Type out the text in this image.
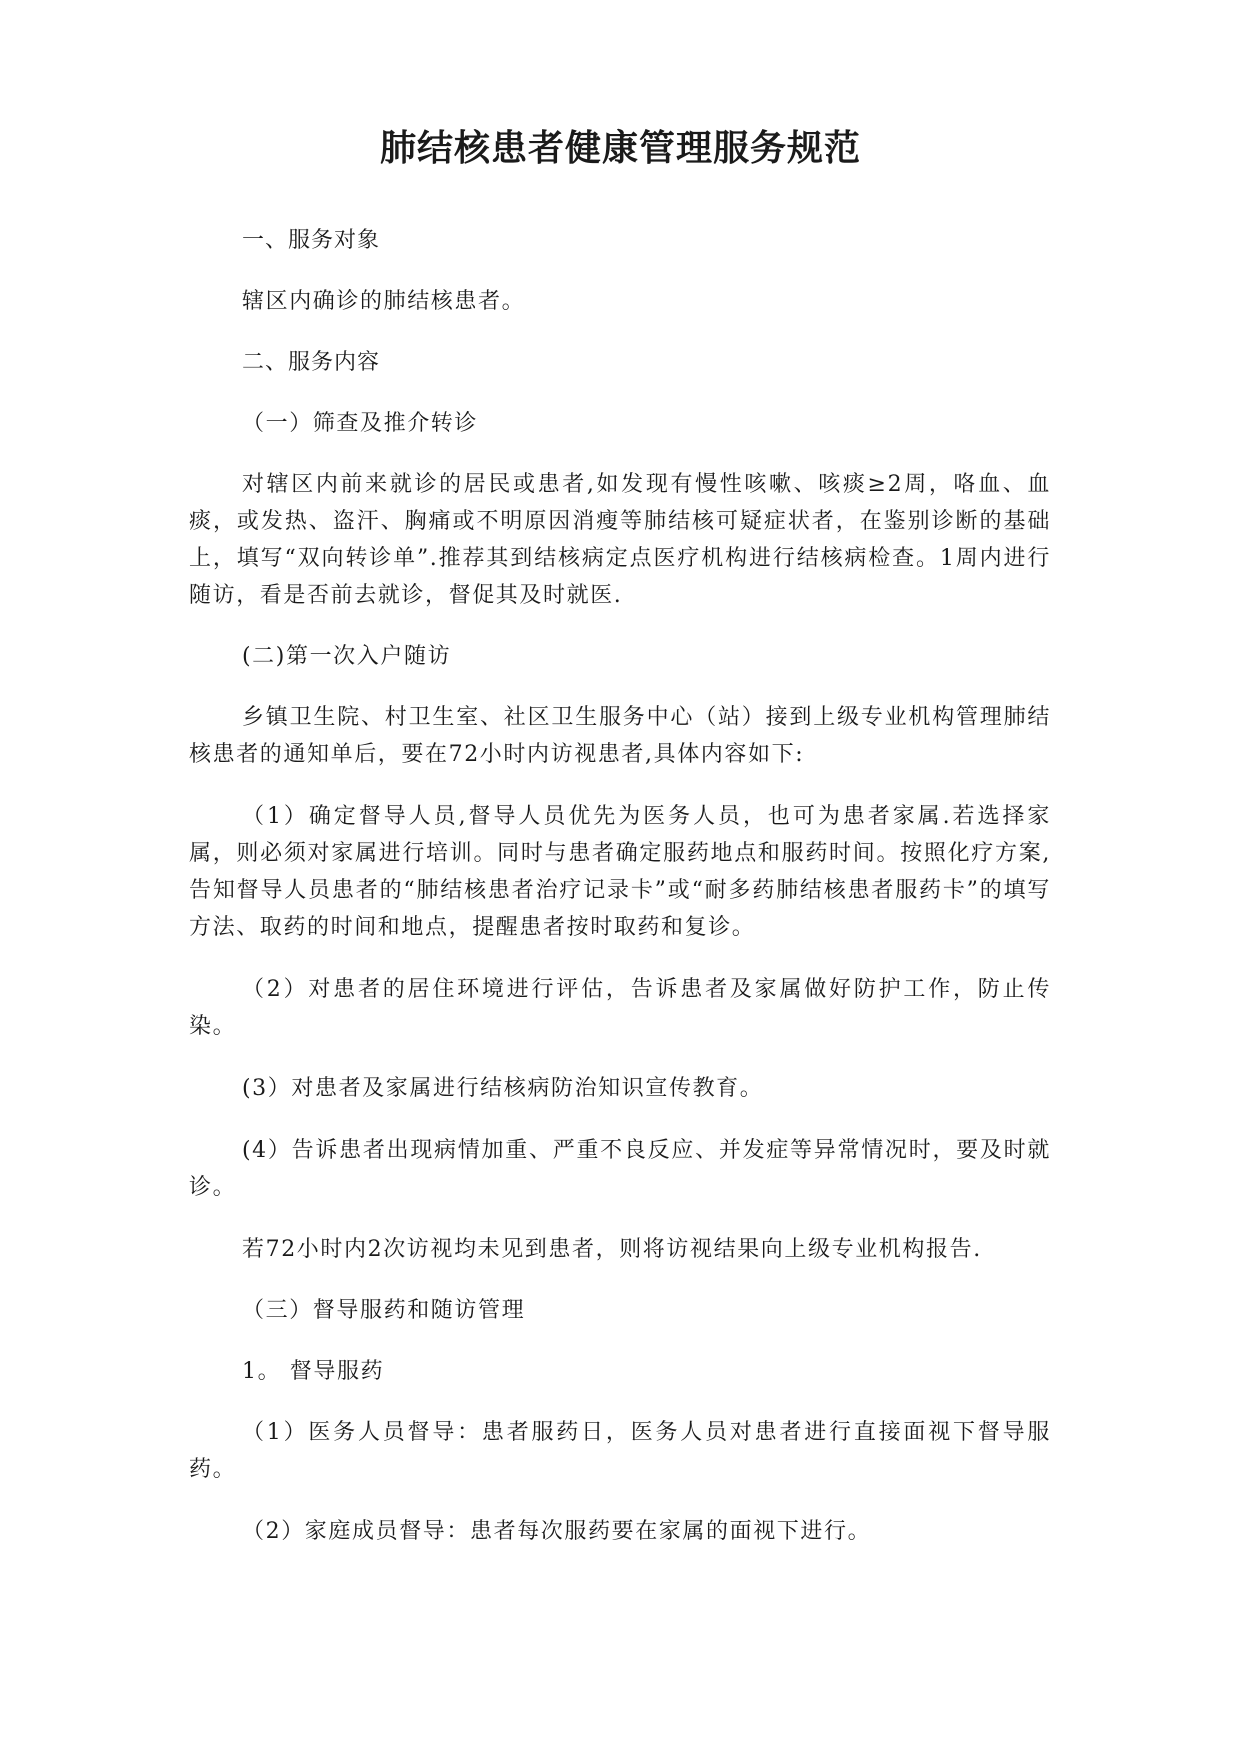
肺结核患者健康管理服务规范

一、服务对象

辖区内确诊的肺结核患者。

二、服务内容

（一）筛查及推介转诊

对辖区内前来就诊的居民或患者,如发现有慢性咳嗽、咳痰≥2周，咯血、血痰，或发热、盗汗、胸痛或不明原因消瘦等肺结核可疑症状者，在鉴别诊断的基础上，填写“双向转诊单”.推荐其到结核病定点医疗机构进行结核病检查。1周内进行　　随访，看是否前去就诊，督促其及时就医.

(二)第一次入户随访

乡镇卫生院、村卫生室、社区卫生服务中心（站）接到上级专业机构管理肺结核患者的通知单后，要在72小时内访视患者,具体内容如下:

（1）确定督导人员,督导人员优先为医务人员，也可为患者家属.若选择家属，则必须对家属进行培训。同时与患者确定服药地点和服药时间。按照化疗方案,告知督导人员患者的“肺结核患者治疗记录卡”或“耐多药肺结核患者服药卡”的填写方法、取药的时间和地点，提醒患者按时取药和复诊。

（2）对患者的居住环境进行评估，告诉患者及家属做好防护工作，防止传染。

(3）对患者及家属进行结核病防治知识宣传教育。

(4）告诉患者出现病情加重、严重不良反应、并发症等异常情况时，要及时就诊。

若72小时内2次访视均未见到患者，则将访视结果向上级专业机构报告.

（三）督导服药和随访管理

1。 督导服药

（1）医务人员督导：患者服药日，医务人员对患者进行直接面视下督导服药。

（2）家庭成员督导：患者每次服药要在家属的面视下进行。
